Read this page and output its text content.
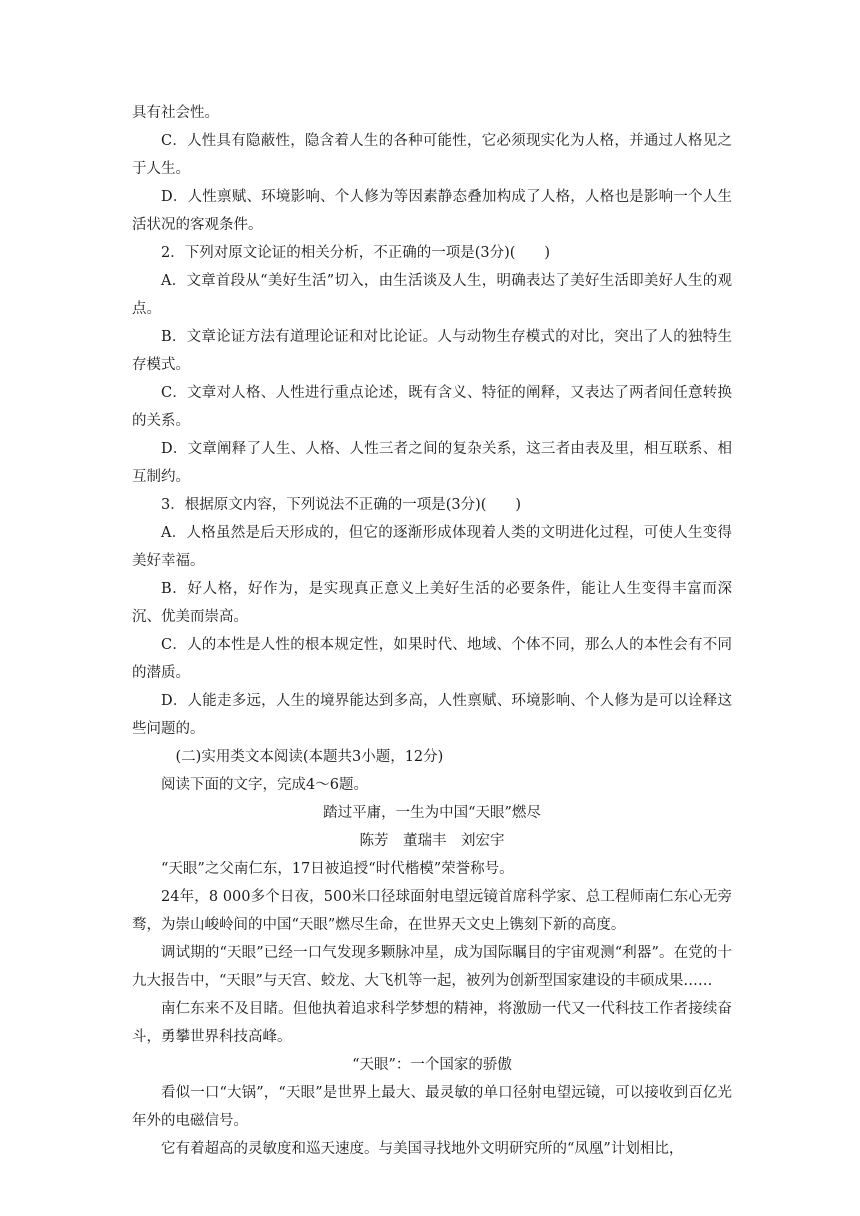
具有社会性。

C．人性具有隐蔽性，隐含着人生的各种可能性，它必须现实化为人格，并通过人格见之于人生。

D．人性禀赋、环境影响、个人修为等因素静态叠加构成了人格，人格也是影响一个人生活状况的客观条件。

2．下列对原文论证的相关分析，不正确的一项是(3分)(　　)

A．文章首段从“美好生活”切入，由生活谈及人生，明确表达了美好生活即美好人生的观点。

B．文章论证方法有道理论证和对比论证。人与动物生存模式的对比，突出了人的独特生存模式。

C．文章对人格、人性进行重点论述，既有含义、特征的阐释，又表达了两者间任意转换的关系。

D．文章阐释了人生、人格、人性三者之间的复杂关系，这三者由表及里，相互联系、相互制约。

3．根据原文内容，下列说法不正确的一项是(3分)(　　)

A．人格虽然是后天形成的，但它的逐渐形成体现着人类的文明进化过程，可使人生变得美好幸福。

B．好人格，好作为，是实现真正意义上美好生活的必要条件，能让人生变得丰富而深沉、优美而崇高。

C．人的本性是人性的根本规定性，如果时代、地域、个体不同，那么人的本性会有不同的潜质。

D．人能走多远，人生的境界能达到多高，人性禀赋、环境影响、个人修为是可以诠释这些问题的。

(二)实用类文本阅读(本题共3小题，12分)

阅读下面的文字，完成4～6题。

踏过平庸，一生为中国“天眼”燃尽

陈芳　董瑞丰　刘宏宇

“天眼”之父南仁东，17日被追授“时代楷模”荣誉称号。

24年，8 000多个日夜，500米口径球面射电望远镜首席科学家、总工程师南仁东心无旁骛，为崇山峻岭间的中国“天眼”燃尽生命，在世界天文史上镌刻下新的高度。

调试期的“天眼”已经一口气发现多颗脉冲星，成为国际瞩目的宇宙观测“利器”。在党的十九大报告中，“天眼”与天宫、蛟龙、大飞机等一起，被列为创新型国家建设的丰硕成果……

南仁东来不及目睹。但他执着追求科学梦想的精神，将激励一代又一代科技工作者接续奋斗，勇攀世界科技高峰。

“天眼”：一个国家的骄傲

看似一口“大锅”，“天眼”是世界上最大、最灵敏的单口径射电望远镜，可以接收到百亿光年外的电磁信号。

它有着超高的灵敏度和巡天速度。与美国寻找地外文明研究所的“凤凰”计划相比，
